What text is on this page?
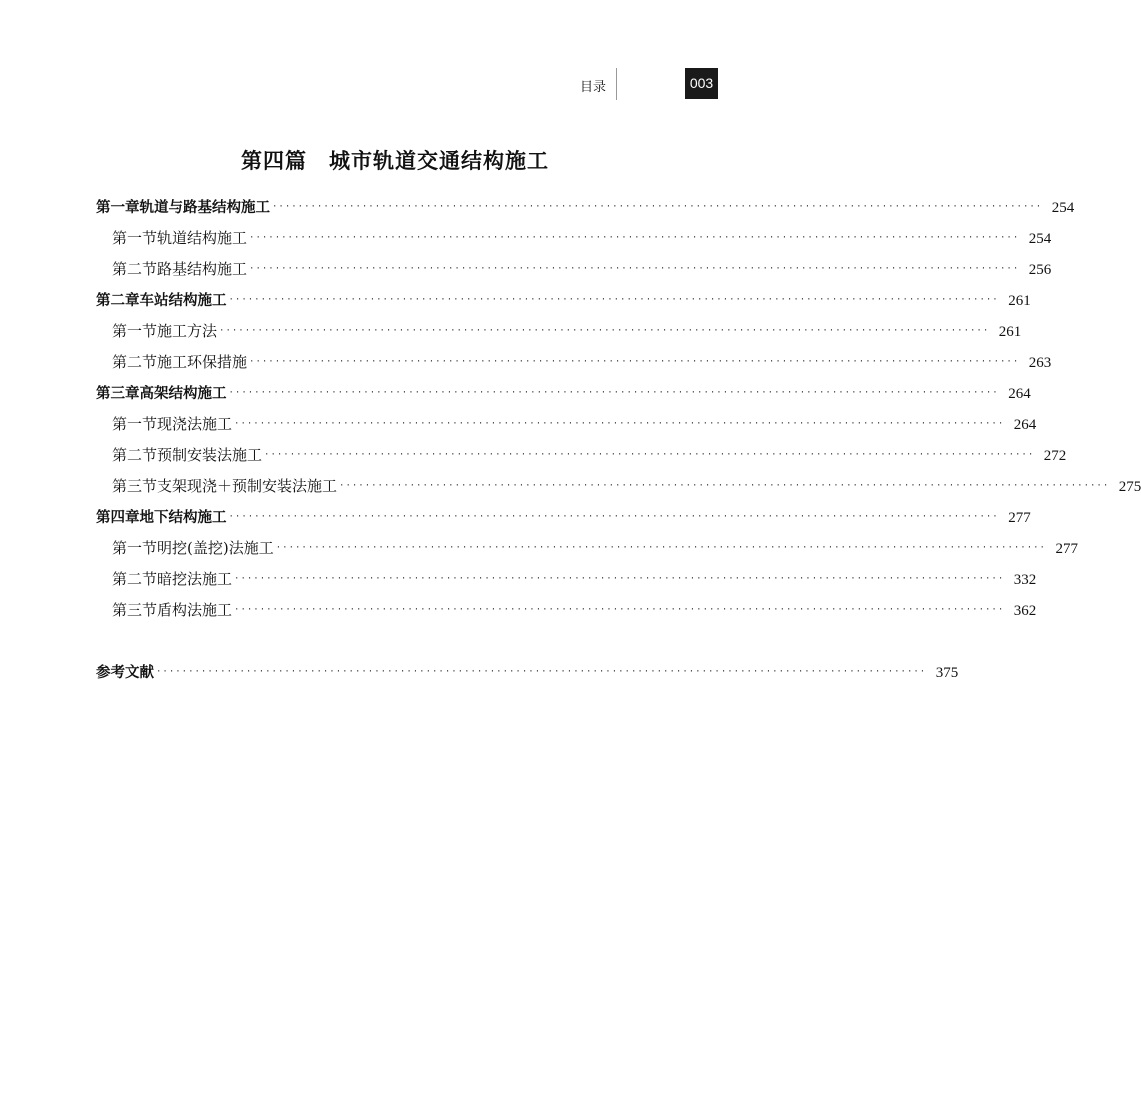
目录	003
第四篇 城市轨道交通结构施工
第一章 轨道与路基结构施工 ························································································································ 254
第一节 轨道结构施工 ························································································································ 254
第二节 路基结构施工 ························································································································ 256
第二章 车站结构施工 ························································································································ 261
第一节 施工方法 ························································································································ 261
第二节 施工环保措施 ························································································································ 263
第三章 高架结构施工 ························································································································ 264
第一节 现浇法施工 ························································································································ 264
第二节 预制安装法施工 ························································································································ 272
第三节 支架现浇＋预制安装法施工 ························································································································ 275
第四章 地下结构施工 ························································································································ 277
第一节 明挖(盖挖)法施工 ························································································································ 277
第二节 暗挖法施工 ························································································································ 332
第三节 盾构法施工 ························································································································ 362
参考文献 ························································································································ 375
